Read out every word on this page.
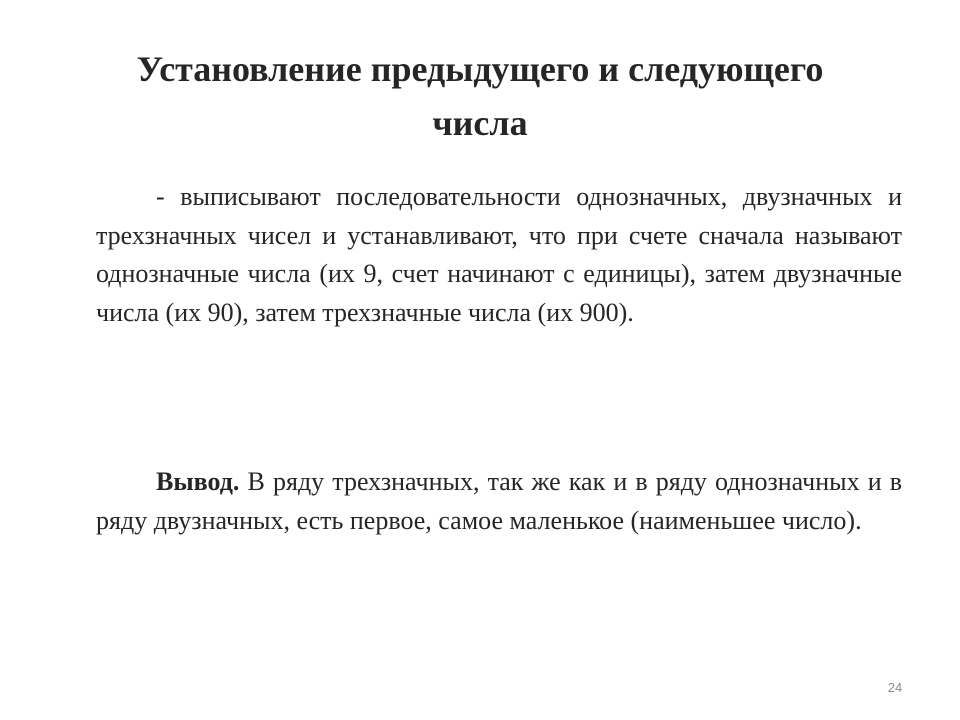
Установление предыдущего и следующего
числа

- выписывают последовательности однозначных, двузначных и трехзначных чисел и устанавливают, что при счете сначала называют однозначные числа (их 9, счет начинают с единицы), затем двузначные числа (их 90), затем трехзначные числа (их 900).

Вывод. В ряду трехзначных, так же как и в ряду однозначных и в ряду двузначных, есть первое, самое маленькое (наименьшее число).

24
